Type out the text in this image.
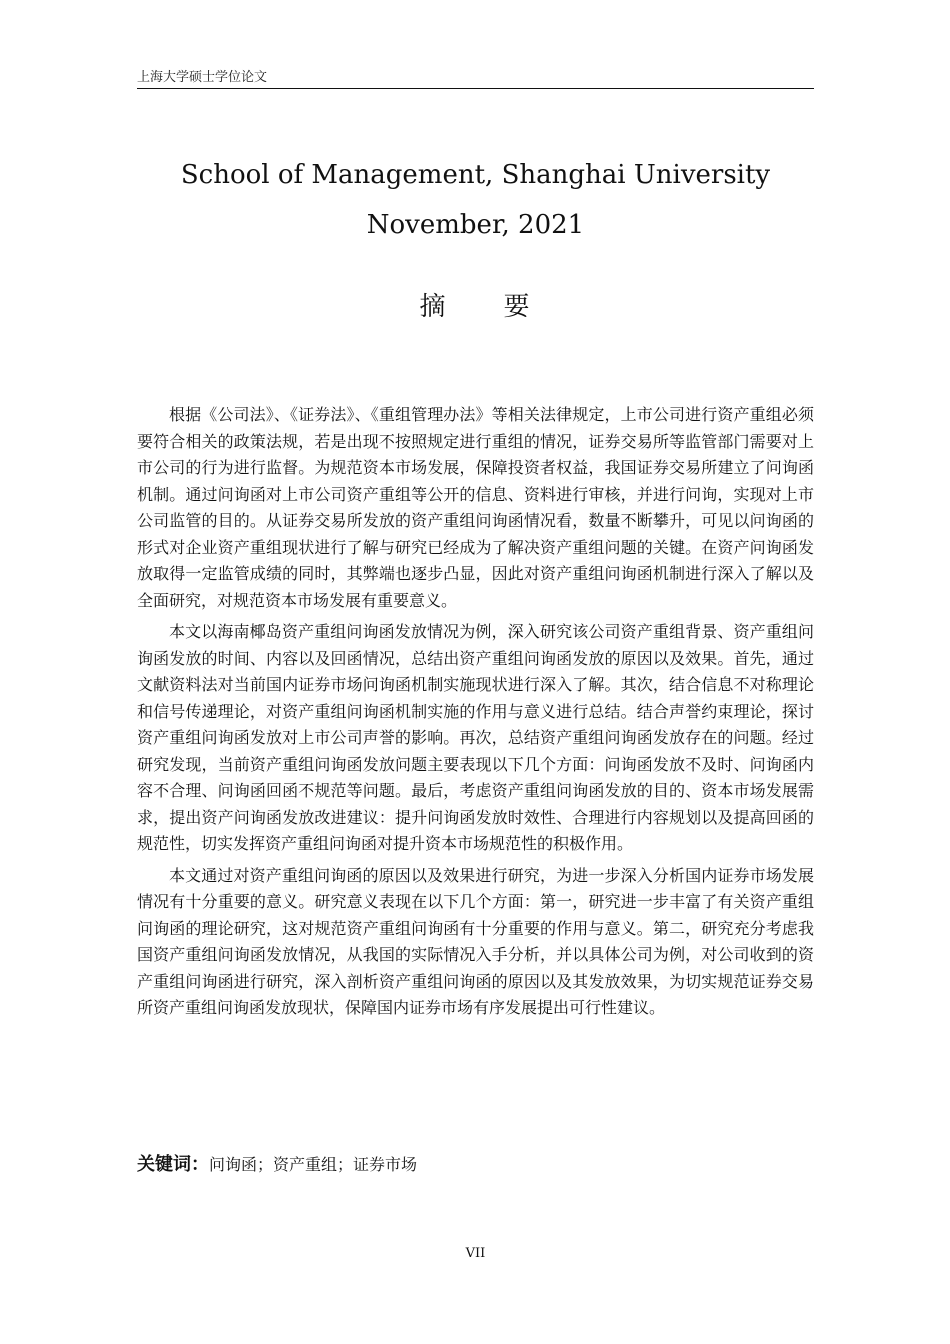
上海大学硕士学位论文
School of Management, Shanghai University
November, 2021
摘　　要

根据《公司法》、《证券法》、《重组管理办法》等相关法律规定，上市公司进行资产重组必须要符合相关的政策法规，若是出现不按照规定进行重组的情况，证券交易所等监管部门需要对上市公司的行为进行监督。为规范资本市场发展，保障投资者权益，我国证券交易所建立了问询函机制。通过问询函对上市公司资产重组等公开的信息、资料进行审核，并进行问询，实现对上市公司监管的目的。从证券交易所发放的资产重组问询函情况看，数量不断攀升，可见以问询函的形式对企业资产重组现状进行了解与研究已经成为了解决资产重组问题的关键。在资产问询函发放取得一定监管成绩的同时，其弊端也逐步凸显，因此对资产重组问询函机制进行深入了解以及全面研究，对规范资本市场发展有重要意义。

本文以海南椰岛资产重组问询函发放情况为例，深入研究该公司资产重组背景、资产重组问询函发放的时间、内容以及回函情况，总结出资产重组问询函发放的原因以及效果。首先，通过文献资料法对当前国内证券市场问询函机制实施现状进行深入了解。其次，结合信息不对称理论和信号传递理论，对资产重组问询函机制实施的作用与意义进行总结。结合声誉约束理论，探讨资产重组问询函发放对上市公司声誉的影响。再次，总结资产重组问询函发放存在的问题。经过研究发现，当前资产重组问询函发放问题主要表现以下几个方面：问询函发放不及时、问询函内容不合理、问询函回函不规范等问题。最后，考虑资产重组问询函发放的目的、资本市场发展需求，提出资产问询函发放改进建议：提升问询函发放时效性、合理进行内容规划以及提高回函的规范性，切实发挥资产重组问询函对提升资本市场规范性的积极作用。

本文通过对资产重组问询函的原因以及效果进行研究，为进一步深入分析国内证券市场发展情况有十分重要的意义。研究意义表现在以下几个方面：第一，研究进一步丰富了有关资产重组问询函的理论研究，这对规范资产重组问询函有十分重要的作用与意义。第二，研究充分考虑我国资产重组问询函发放情况，从我国的实际情况入手分析，并以具体公司为例，对公司收到的资产重组问询函进行研究，深入剖析资产重组问询函的原因以及其发放效果，为切实规范证券交易所资产重组问询函发放现状，保障国内证券市场有序发展提出可行性建议。

关键词：问询函；资产重组；证券市场
VII
